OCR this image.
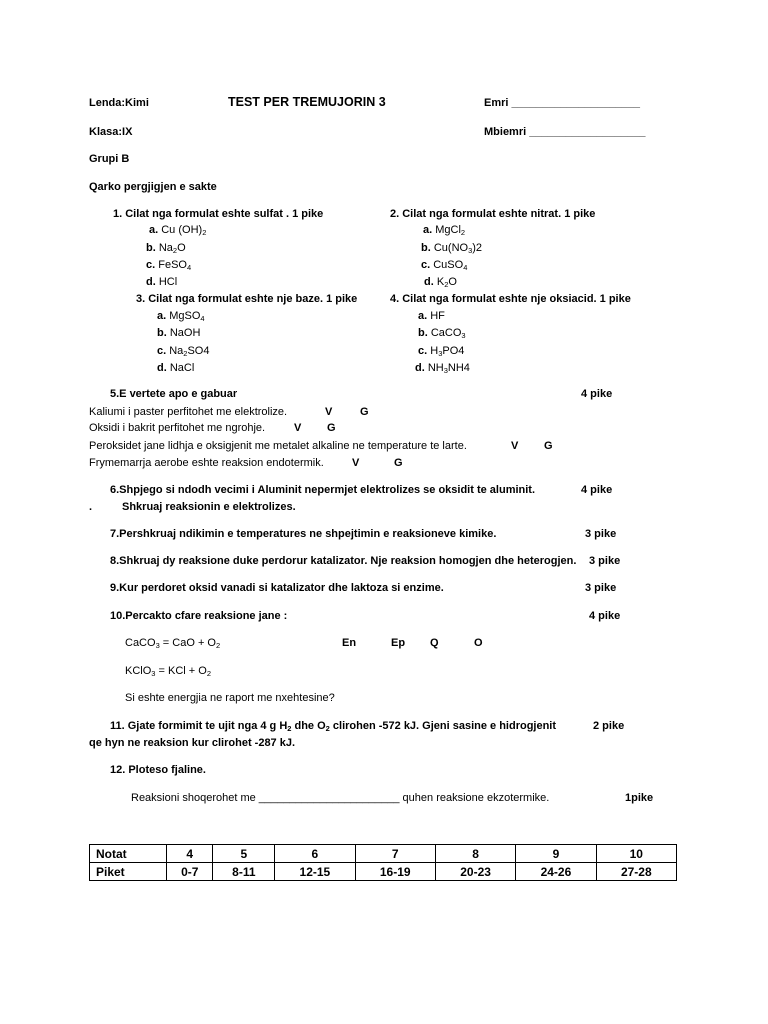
Lenda:Kimi	TEST PER TREMUJORIN 3	Emri _____________________
Klasa:IX	Mbiemri ___________________
Grupi B
Qarko pergjigjen e sakte
1. Cilat nga formulat eshte sulfat . 1 pike
a. Cu $(OH)_2$
b. $Na_2O$
c. FeSO$_4$
d. HCl
2. Cilat nga formulat eshte nitrat. 1 pike
a. MgCl$_2$
b. $Cu(NO_3)2$
c. CuSO$_4$
d. $K_2O$
3. Cilat nga formulat eshte nje baze. 1 pike
a. MgSO$_4$
b. NaOH
c. $Na_2SO4$
d. NaCl
4. Cilat nga formulat eshte nje oksiacid. 1 pike
a. HF
b. CaCO$_3$
c. $H_3PO4$
d. $NH_3NH4$
5.E vertete apo e gabuar	4 pike
Kaliumi i paster perfitohet me elektrolize.	V	G
Oksidi i bakrit perfitohet me ngrohje.	V G
Peroksidet jane lidhja e oksigjenit me metalet alkaline ne temperature te larte.	V G
Frymemarrja aerobe eshte reaksion endotermik.	V	G
6.Shpjego si ndodh vecimi i Aluminit nepermjet elektrolizes se oksidit te aluminit.	4 pike
.	Shkruaj reaksionin e elektrolizes.
7.Pershkruaj ndikimin e temperatures ne shpejtimin e reaksioneve kimike.	3 pike
8.Shkruaj dy reaksione duke perdorur katalizator. Nje reaksion homogjen dhe heterogjen. 3 pike
9.Kur perdoret oksid vanadi si katalizator dhe laktoza si enzime.	3 pike
10.Percakto cfare reaksione jane :	4 pike
CaCO$_3$ = CaO + $O_2$	En	Ep Q	O
KClO$_3$ = KCl + $O_2$
Si eshte energjia ne raport me nxehtesine?
11. Gjate formimit te ujit nga 4 g $H_2$ dhe $O_2$ clirohen -572 kJ. Gjeni sasine e hidrogjenit	2 pike
qe hyn ne reaksion kur clirohet -287 kJ.
12. Ploteso fjaline.
Reaksioni shoqerohet me _______________________ quhen reaksione ekzotermike.	1pike
Notat	4	5	6	7	8	9	10
Piket	0-7	8-11	12-15	16-19	20-23	24-26	27-28
